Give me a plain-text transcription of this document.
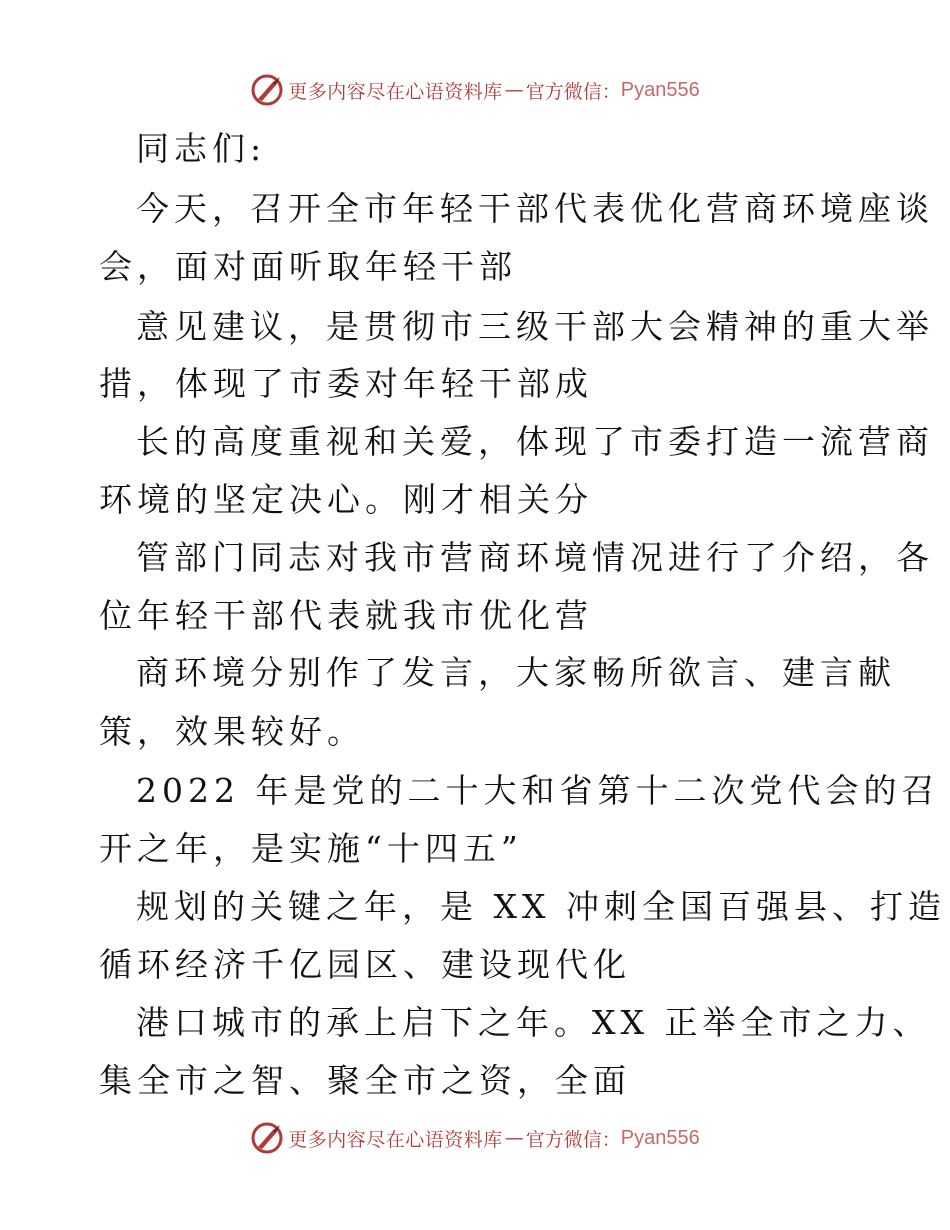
更多内容尽在心语资料库 — 官方微信： Pyan556
同志们:
今天，召开全市年轻干部代表优化营商环境座谈
会，面对面听取年轻干部
意见建议，是贯彻市三级干部大会精神的重大举
措，体现了市委对年轻干部成
长的高度重视和关爱，体现了市委打造一流营商
环境的坚定决心。刚才相关分
管部门同志对我市营商环境情况进行了介绍，各
位年轻干部代表就我市优化营
商环境分别作了发言，大家畅所欲言、建言献
策，效果较好。
2022 年是党的二十大和省第十二次党代会的召
开之年，是实施“十四五”
规划的关键之年，是 XX 冲刺全国百强县、打造
循环经济千亿园区、建设现代化
港口城市的承上启下之年。XX 正举全市之力、
集全市之智、聚全市之资，全面
更多内容尽在心语资料库 — 官方微信： Pyan556
